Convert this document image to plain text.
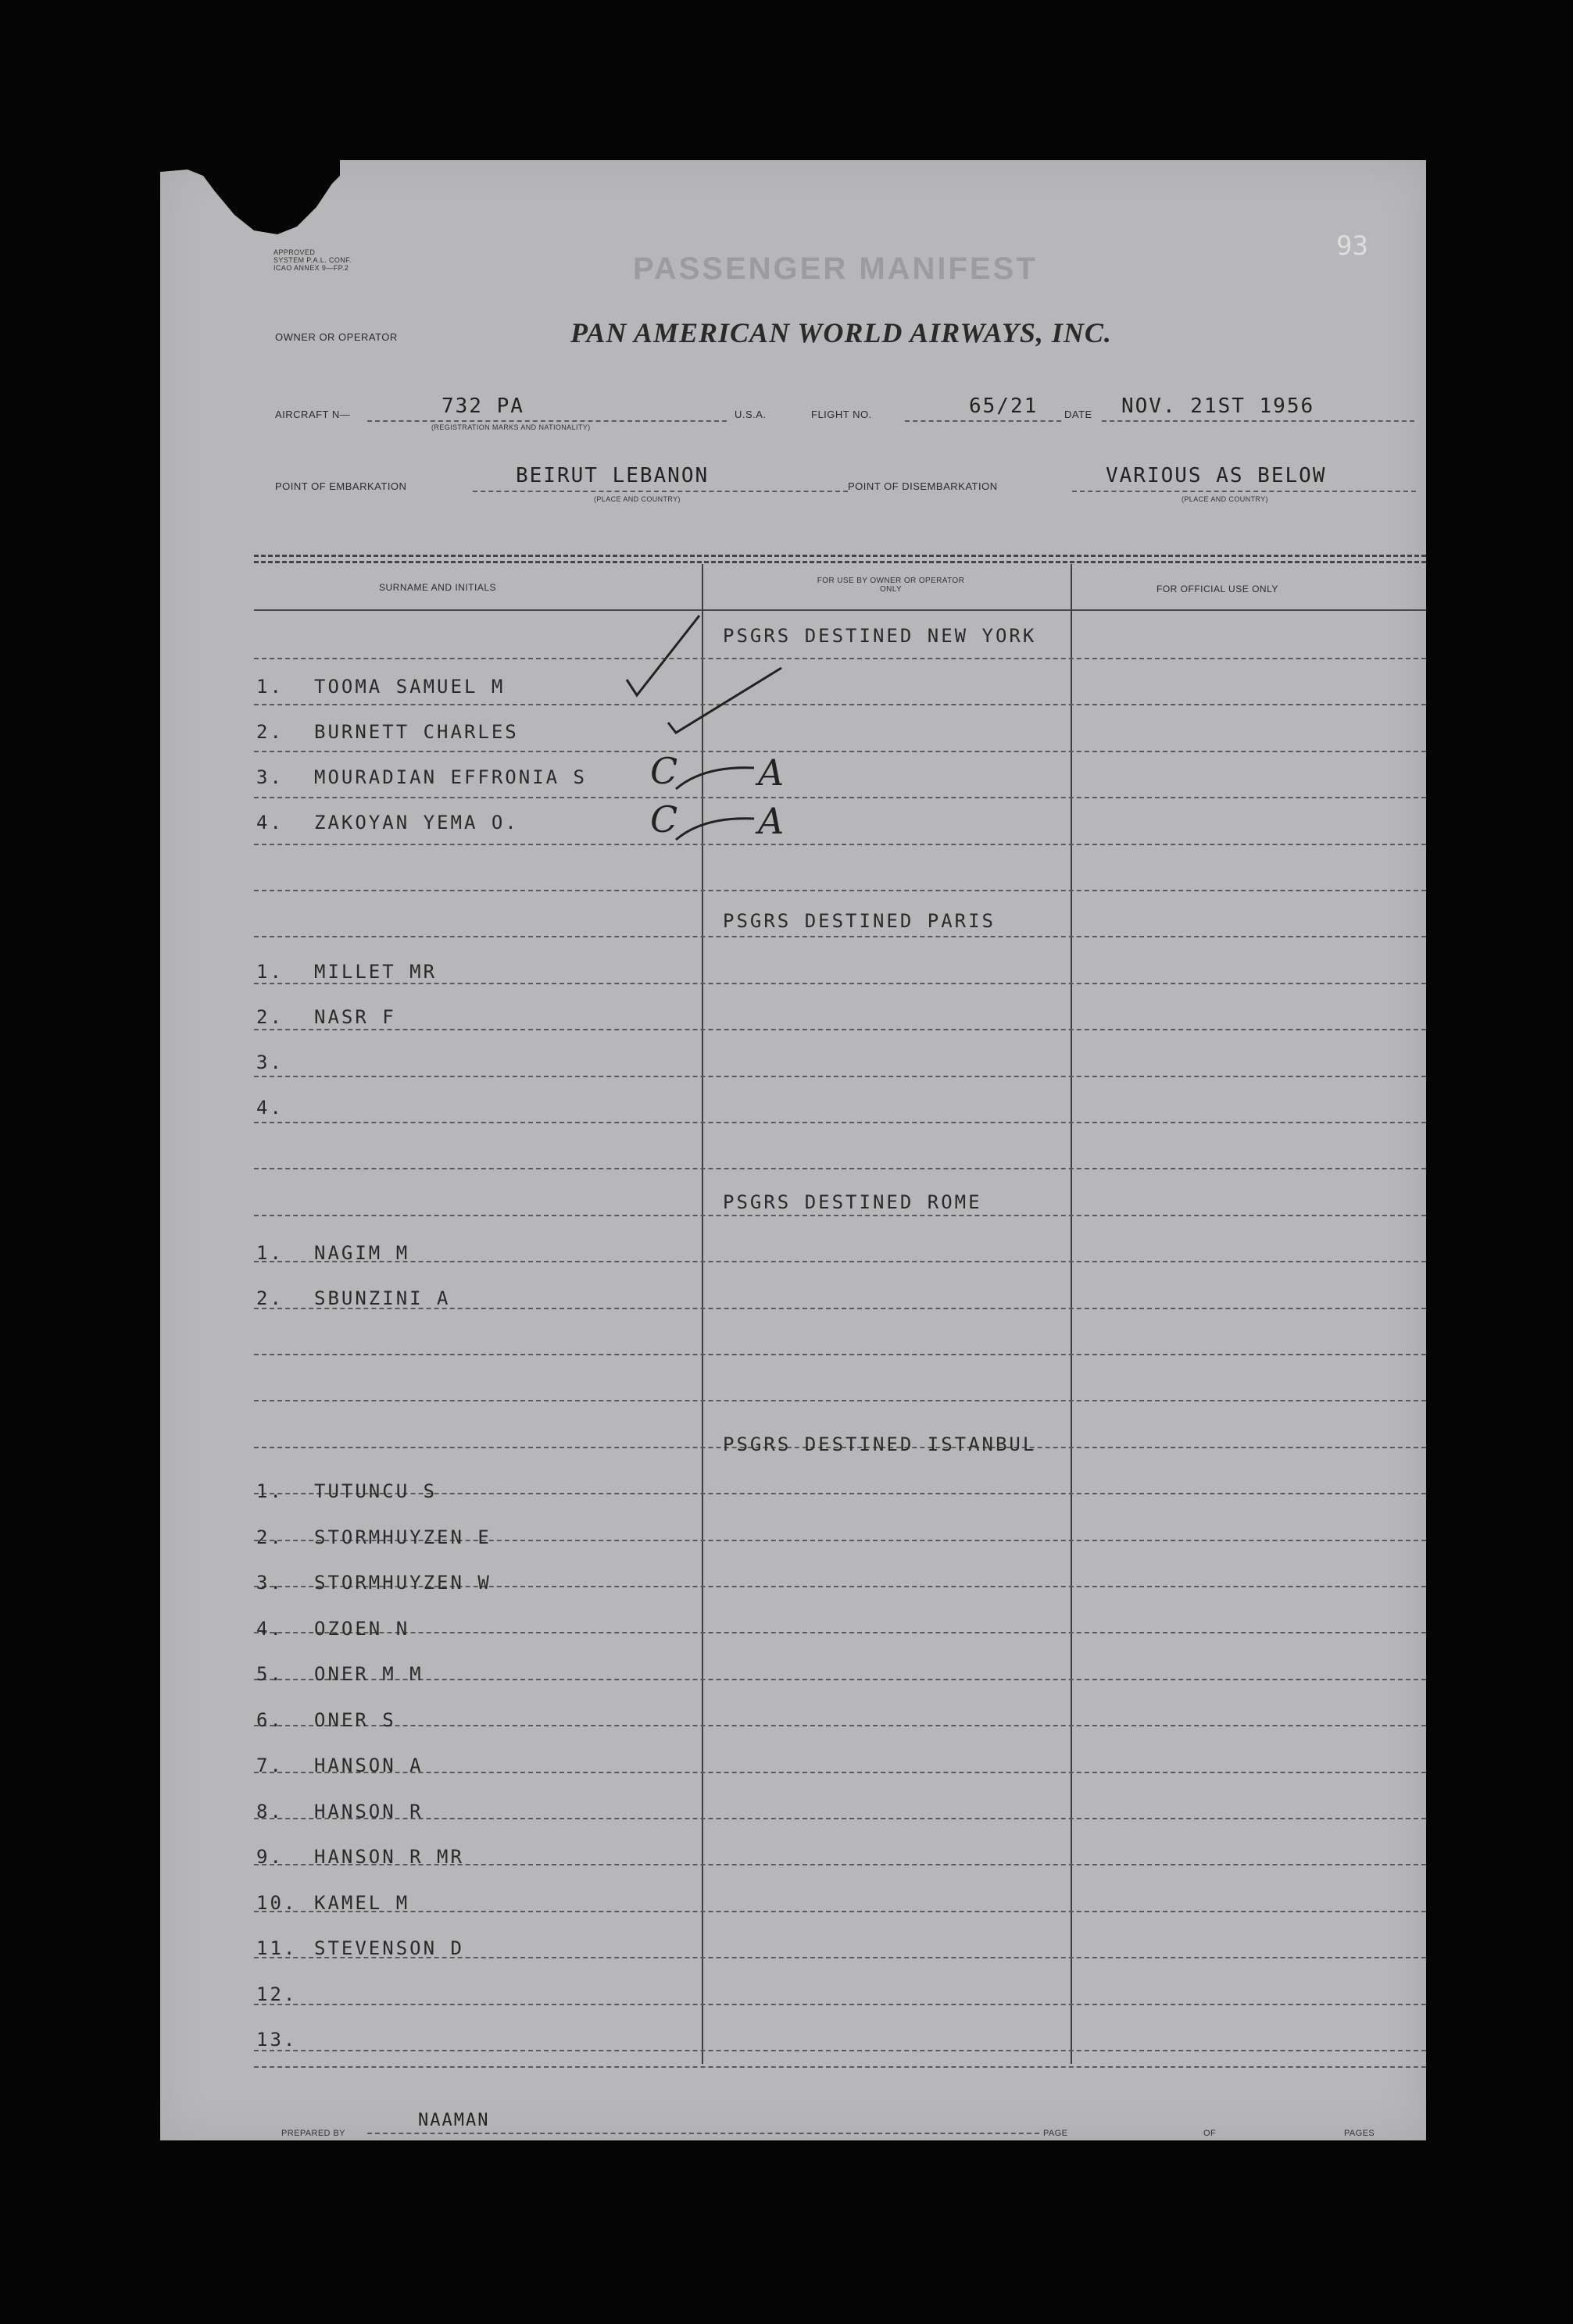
93
APPROVED
SYSTEM P.A.L. CONF.
ICAO ANNEX 9—FP.2	PASSENGER MANIFEST
OWNER OR OPERATOR	PAN AMERICAN WORLD AIRWAYS, INC.
AIRCRAFT N—	732 PA
(REGISTRATION MARKS AND NATIONALITY)
U.S.A.	FLIGHT NO.	65/21	DATE NOV. 21ST 1956
POINT OF EMBARKATION	BEIRUT LEBANON
(PLACE AND COUNTRY)
POINT OF DISEMBARKATION	VARIOUS AS BELOW
(PLACE AND COUNTRY)
SURNAME AND INITIALS
FOR USE BY OWNER OR OPERATOR ONLY	FOR OFFICIAL USE ONLY
PSGRS DESTINED NEW YORK
1. TOOMA SAMUEL M
2. BURNETT CHARLES
3. MOURADIAN EFFRONIA S
4. ZAKOYAN YEMA O.
PSGRS DESTINED PARIS
1. MILLET MR
2. NASR F
3.
4.
PSGRS DESTINED ROME
1. NAGIM M
2. SBUNZINI A
PSGRS DESTINED ISTANBUL
1. TUTUNCU S
2. STORMHUYZEN E
3. STORMHUYZEN W
4. OZOEN N
5. ONER M M
6. ONER S
7. HANSON A
8. HANSON R
9. HANSON R MR
10. KAMEL M
11. STEVENSON D
12.
13.
C A
C A
PREPARED BY
NAAMAN
PAGE	OF	PAGES
